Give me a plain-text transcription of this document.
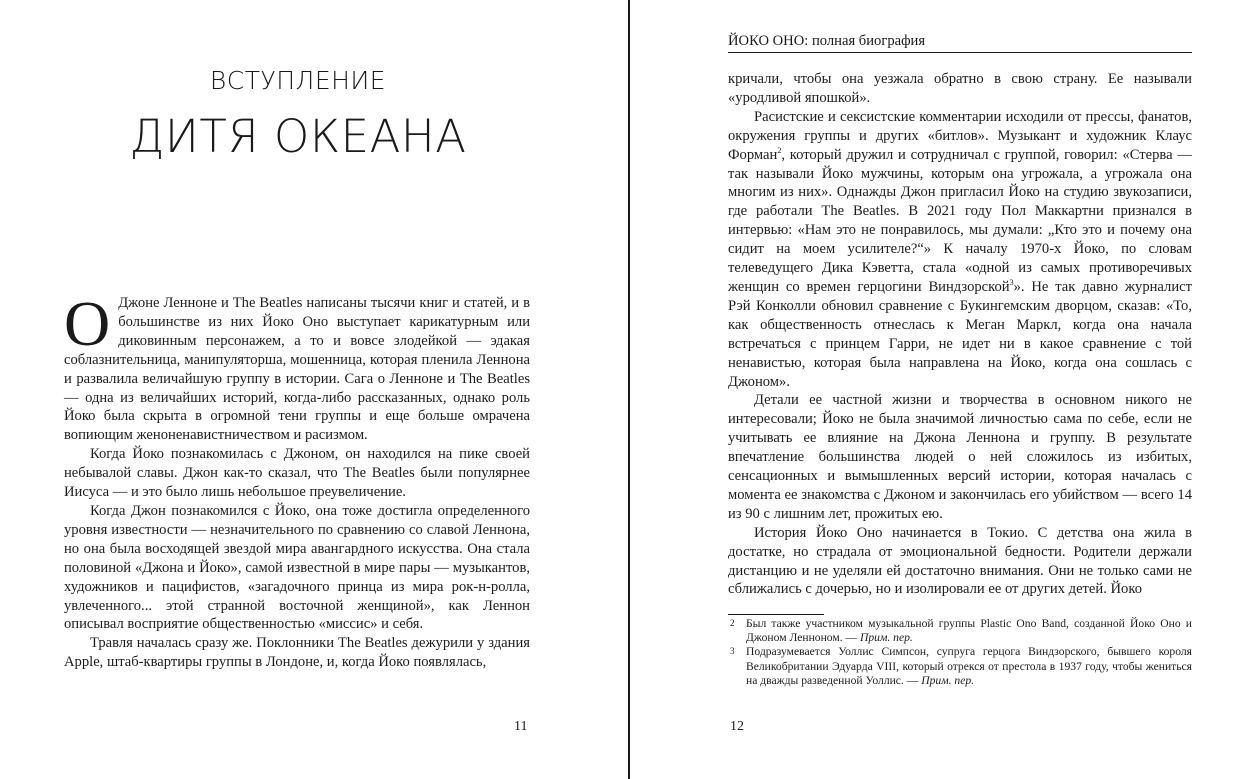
ВСТУПЛЕНИЕ
ДИТЯ ОКЕАНА

О Джоне Ленноне и The Beatles написаны тысячи книг и статей, и в большинстве из них Йоко Оно выступает карикатурным или диковинным персонажем, а то и вовсе злодейкой — эдакая соблазнительница, манипуляторша, мошенница, которая пленила Леннона и развалила величайшую группу в истории. Сага о Ленноне и The Beatles — одна из величайших историй, когда-либо рассказанных, однако роль Йоко была скрыта в огромной тени группы и еще больше омрачена вопиющим женоненавистничеством и расизмом.

Когда Йоко познакомилась с Джоном, он находился на пике своей небывалой славы. Джон как-то сказал, что The Beatles были популярнее Иисуса — и это было лишь небольшое преувеличение.

Когда Джон познакомился с Йоко, она тоже достигла определенного уровня известности — незначительного по сравнению со славой Леннона, но она была восходящей звездой мира авангардного искусства. Она стала половиной «Джона и Йоко», самой известной в мире пары — музыкантов, художников и пацифистов, «загадочного принца из мира рок-н-ролла, увлеченного... этой странной восточной женщиной», как Леннон описывал восприятие общественностью «миссис» и себя.

Травля началась сразу же. Поклонники The Beatles дежурили у здания Apple, штаб-квартиры группы в Лондоне, и, когда Йоко появлялась,

11
ЙОКО ОНО: полная биография

кричали, чтобы она уезжала обратно в свою страну. Ее называли «уродливой япошкой».

Расистские и сексистские комментарии исходили от прессы, фанатов, окружения группы и других «битлов». Музыкант и художник Клаус Форман$^2$, который дружил и сотрудничал с группой, говорил: «Стерва — так называли Йоко мужчины, которым она угрожала, а угрожала она многим из них». Однажды Джон пригласил Йоко на студию звукозаписи, где работали The Beatles. В 2021 году Пол Маккартни признался в интервью: «Нам это не понравилось, мы думали: „Кто это и почему она сидит на моем усилителе?“» К началу 1970-х Йоко, по словам телеведущего Дика Кэветта, стала «одной из самых противоречивых женщин со времен герцогини Виндзорской$^3$». Не так давно журналист Рэй Конколли обновил сравнение с Букингемским дворцом, сказав: «То, как общественность отнеслась к Меган Маркл, когда она начала встречаться с принцем Гарри, не идет ни в какое сравнение с той ненавистью, которая была направлена на Йоко, когда она сошлась с Джоном».

Детали ее частной жизни и творчества в основном никого не интересовали; Йоко не была значимой личностью сама по себе, если не учитывать ее влияние на Джона Леннона и группу. В результате впечатление большинства людей о ней сложилось из избитых, сенсационных и вымышленных версий истории, которая началась с момента ее знакомства с Джоном и закончилась его убийством — всего 14 из 90 с лишним лет, прожитых ею.

История Йоко Оно начинается в Токио. С детства она жила в достатке, но страдала от эмоциональной бедности. Родители держали дистанцию и не уделяли ей достаточно внимания. Они не только сами не сближались с дочерью, но и изолировали ее от других детей. Йоко

2 Был также участником музыкальной группы Plastic Ono Band, созданной Йоко Оно и Джоном Ленноном. — Прим. пер.

3 Подразумевается Уоллис Симпсон, супруга герцога Виндзорского, бывшего короля Великобритании Эдуарда VIII, который отрекся от престола в 1937 году, чтобы жениться на дважды разведенной Уоллис. — Прим. пер.

12
